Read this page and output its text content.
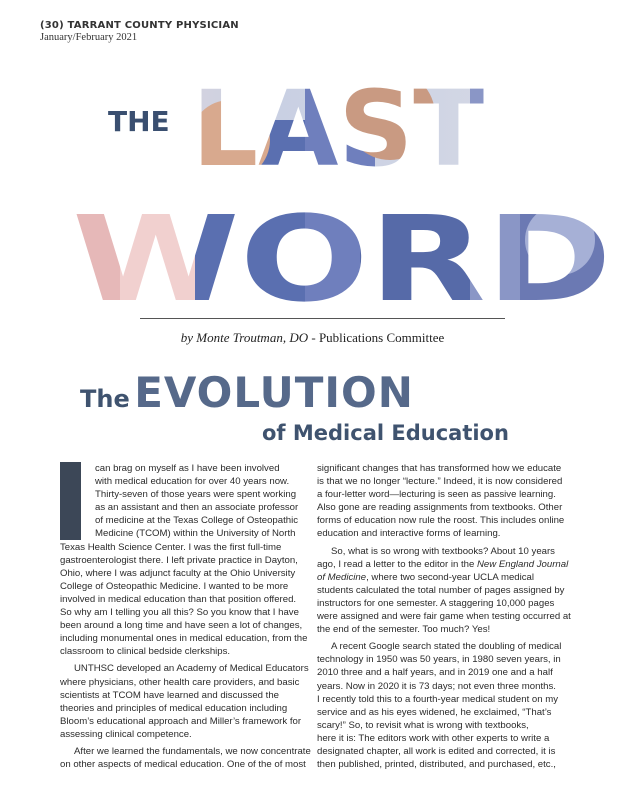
(30) TARRANT COUNTY PHYSICIAN
January/February 2021
THE
by Monte Troutman, DO - Publications Committee
The EVOLUTION
of Medical Education
can brag on myself as I have been involved
with medical education for over 40 years now.
Thirty-seven of those years were spent working
as an assistant and then an associate professor
of medicine at the Texas College of Osteopathic
Medicine (TCOM) within the University of North
Texas Health Science Center. I was the first full-time
gastroenterologist there. I left private practice in Dayton,
Ohio, where I was adjunct faculty at the Ohio University
College of Osteopathic Medicine. I wanted to be more
involved in medical education than that position offered.
So why am I telling you all this? So you know that I have
been around a long time and have seen a lot of changes,
including monumental ones in medical education, from the
classroom to clinical bedside clerkships.
UNTHSC developed an Academy of Medical Educators
where physicians, other health care providers, and basic
scientists at TCOM have learned and discussed the
theories and principles of medical education including
Bloom’s educational approach and Miller’s framework for
assessing clinical competence.
After we learned the fundamentals, we now concentrate
on other aspects of medical education. One of the of most
significant changes that has transformed how we educate
is that we no longer “lecture.” Indeed, it is now considered
a four-letter word—lecturing is seen as passive learning.
Also gone are reading assignments from textbooks. Other
forms of education now rule the roost. This includes online
education and interactive forms of learning.
So, what is so wrong with textbooks? About 10 years
ago, I read a letter to the editor in the New England Journal
of Medicine, where two second-year UCLA medical
students calculated the total number of pages assigned by
instructors for one semester. A staggering 10,000 pages
were assigned and were fair game when testing occurred at
the end of the semester. Too much? Yes!
A recent Google search stated the doubling of medical
technology in 1950 was 50 years, in 1980 seven years, in
2010 three and a half years, and in 2019 one and a half
years. Now in 2020 it is 73 days; not even three months.
I recently told this to a fourth-year medical student on my
service and as his eyes widened, he exclaimed, “That’s
scary!” So, to revisit what is wrong with textbooks,
here it is: The editors work with other experts to write a
designated chapter, all work is edited and corrected, it is
then published, printed, distributed, and purchased, etc.,
